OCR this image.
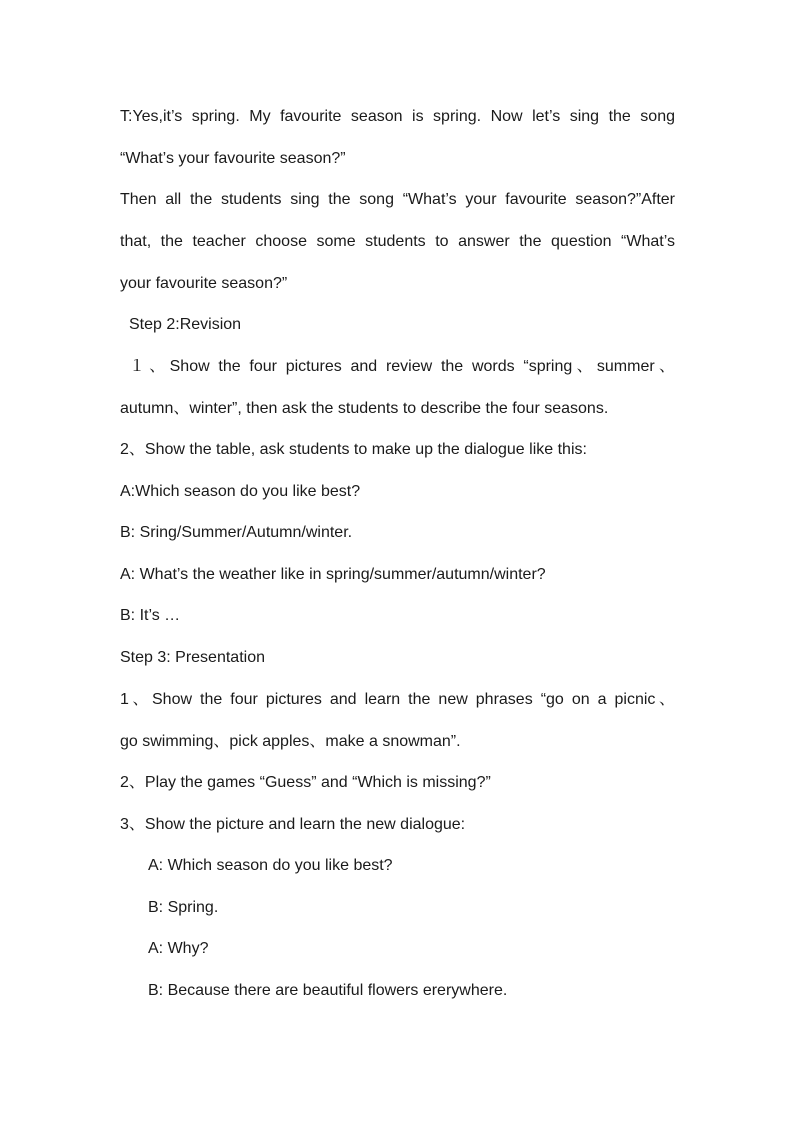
T:Yes,it’s spring. My favourite season is spring. Now let’s sing the song
“What’s your favourite season?”
Then all the students sing the song “What’s your favourite season?”After
that, the teacher choose some students to answer the question “What’s
your favourite season?”
Step 2:Revision
１、Show the four pictures and review the words “spring、summer、
autumn、winter”, then ask the students to describe the four seasons.
2、Show the table, ask students to make up the dialogue like this:
A:Which season do you like best?
B: Sring/Summer/Autumn/winter.
A: What’s the weather like in spring/summer/autumn/winter?
B: It’s …
Step 3: Presentation
1、Show the four pictures and learn the new phrases “go on a picnic、
go swimming、pick apples、make a snowman”.
2、Play the games “Guess” and “Which is missing?”
3、Show the picture and learn the new dialogue:
A: Which season do you like best?
B: Spring.
A: Why?
B: Because there are beautiful flowers ererywhere.
